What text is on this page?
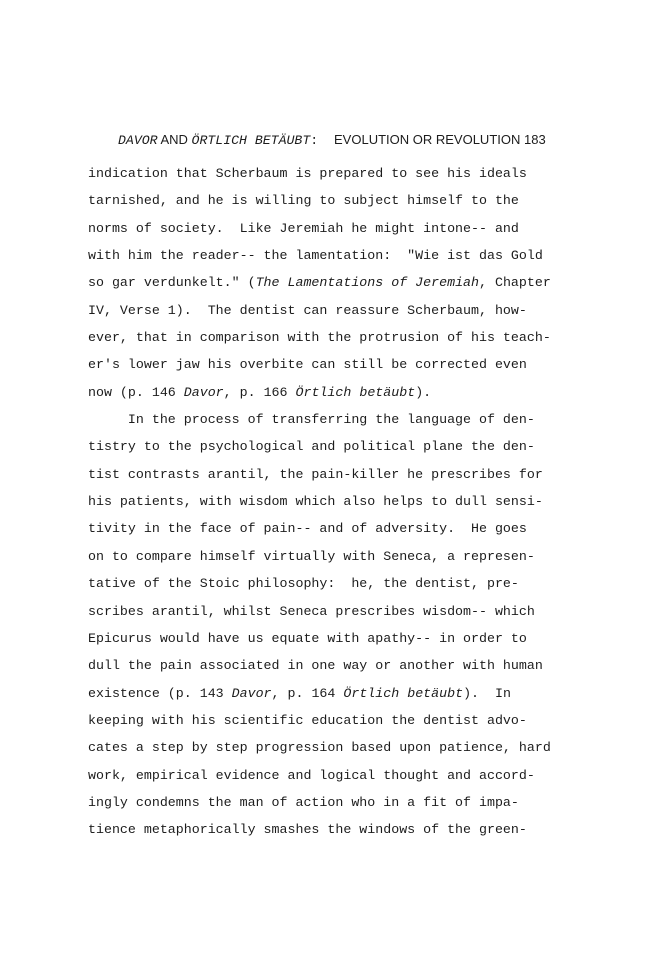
DAVOR AND ÖRTLICH BETÄUBT:  EVOLUTION OR REVOLUTION 183
indication that Scherbaum is prepared to see his ideals
tarnished, and he is willing to subject himself to the
norms of society.  Like Jeremiah he might intone-- and
with him the reader-- the lamentation:  "Wie ist das Gold
so gar verdunkelt." (The Lamentations of Jeremiah, Chapter
IV, Verse 1).  The dentist can reassure Scherbaum, how-
ever, that in comparison with the protrusion of his teach-
er's lower jaw his overbite can still be corrected even
now (p. 146 Davor, p. 166 Örtlich betäubt).
In the process of transferring the language of den-
tistry to the psychological and political plane the den-
tist contrasts arantil, the pain-killer he prescribes for
his patients, with wisdom which also helps to dull sensi-
tivity in the face of pain-- and of adversity.  He goes
on to compare himself virtually with Seneca, a represen-
tative of the Stoic philosophy:  he, the dentist, pre-
scribes arantil, whilst Seneca prescribes wisdom-- which
Epicurus would have us equate with apathy-- in order to
dull the pain associated in one way or another with human
existence (p. 143 Davor, p. 164 Örtlich betäubt).  In
keeping with his scientific education the dentist advo-
cates a step by step progression based upon patience, hard
work, empirical evidence and logical thought and accord-
ingly condemns the man of action who in a fit of impa-
tience metaphorically smashes the windows of the green-
